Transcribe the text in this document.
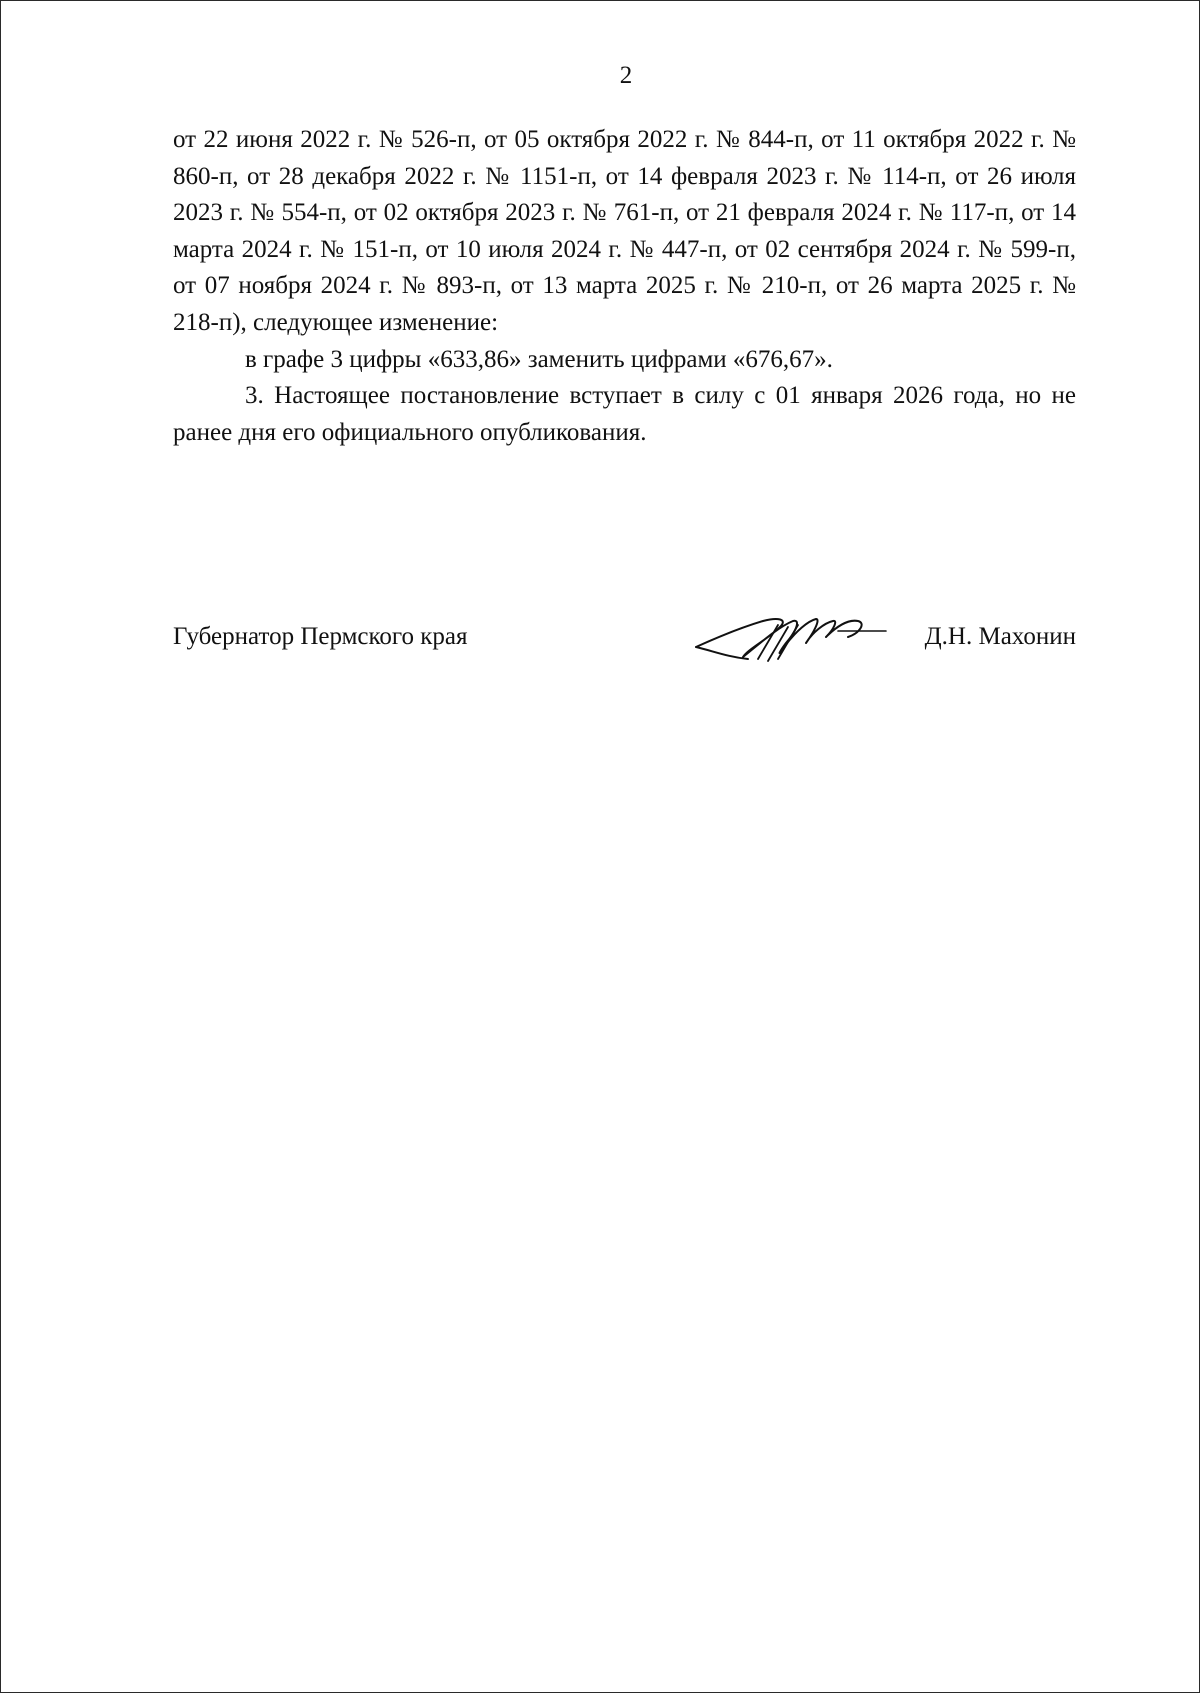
2

от 22 июня 2022 г. № 526-п, от 05 октября 2022 г. № 844-п, от 11 октября 2022 г. № 860-п, от 28 декабря 2022 г. № 1151-п, от 14 февраля 2023 г. № 114-п, от 26 июля 2023 г. № 554-п, от 02 октября 2023 г. № 761-п, от 21 февраля 2024 г. № 117-п, от 14 марта 2024 г. № 151-п, от 10 июля 2024 г. № 447-п, от 02 сентября 2024 г. № 599-п, от 07 ноября 2024 г. № 893-п, от 13 марта 2025 г. № 210-п, от 26 марта 2025 г. № 218-п), следующее изменение:

в графе 3 цифры «633,86» заменить цифрами «676,67».

3. Настоящее постановление вступает в силу с 01 января 2026 года, но не ранее дня его официального опубликования.

Губернатор Пермского края	Д.Н. Махонин
